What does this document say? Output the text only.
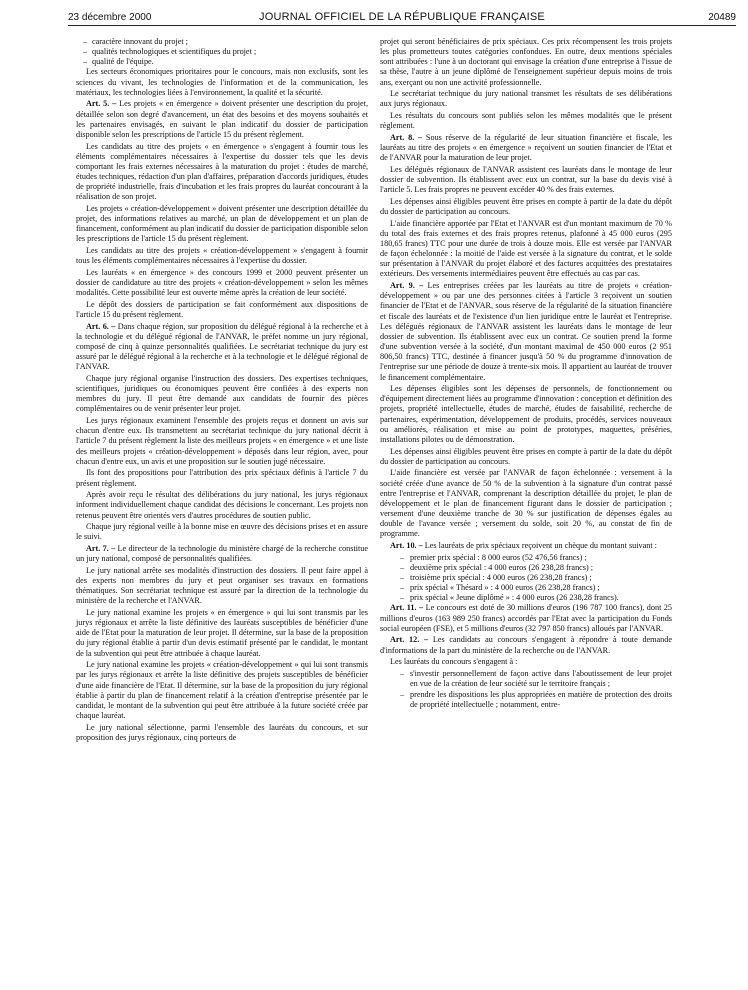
23 décembre 2000	JOURNAL OFFICIEL DE LA RÉPUBLIQUE FRANÇAISE	20489

– caractère innovant du projet ;

– qualités technologiques et scientifiques du projet ;

– qualité de l'équipe.

Les secteurs économiques prioritaires pour le concours, mais non exclusifs, sont les sciences du vivant, les technologies de l'information et de la communication, les matériaux, les technologies liées à l'environnement, la qualité et la sécurité.

Art. 5. – Les projets « en émergence » doivent présenter une description du projet, détaillée selon son degré d'avancement, un état des besoins et des moyens souhaités et les partenaires envisagés, en suivant le plan indicatif du dossier de participation disponible selon les prescriptions de l'article 15 du présent règlement.

Les candidats au titre des projets « en émergence » s'engagent à fournir tous les éléments complémentaires nécessaires à l'expertise du dossier tels que les devis comportant les frais externes nécessaires à la maturation du projet : études de marché, études techniques, rédaction d'un plan d'affaires, préparation d'accords juridiques, études de propriété industrielle, frais d'incubation et les frais propres du lauréat concourant à la réalisation de son projet.

Les projets « création-développement » doivent présenter une description détaillée du projet, des informations relatives au marché, un plan de développement et un plan de financement, conformément au plan indicatif du dossier de participation disponible selon les prescriptions de l'article 15 du présent règlement.

Les candidats au titre des projets « création-développement » s'engagent à fournir tous les éléments complémentaires nécessaires à l'expertise du dossier.

Les lauréats « en émergence » des concours 1999 et 2000 peuvent présenter un dossier de candidature au titre des projets « création-développement » selon les mêmes modalités. Cette possibilité leur est ouverte même après la création de leur société.

Le dépôt des dossiers de participation se fait conformément aux dispositions de l'article 15 du présent règlement.

Art. 6. – Dans chaque région, sur proposition du délégué régional à la recherche et à la technologie et du délégué régional de l'ANVAR, le préfet nomme un jury régional, composé de cinq à quinze personnalités qualifiées. Le secrétariat technique du jury est assuré par le délégué régional à la recherche et à la technologie et le délégué régional de l'ANVAR.

Chaque jury régional organise l'instruction des dossiers. Des expertises techniques, scientifiques, juridiques ou économiques peuvent être confiées à des experts non membres du jury. Il peut être demandé aux candidats de fournir des pièces complémentaires ou de venir présenter leur projet.

Les jurys régionaux examinent l'ensemble des projets reçus et donnent un avis sur chacun d'entre eux. Ils transmettent au secrétariat technique du jury national décrit à l'article 7 du présent règlement la liste des meilleurs projets « en émergence » et une liste des meilleurs projets « création-développement » déposés dans leur région, avec, pour chacun d'entre eux, un avis et une proposition sur le soutien jugé nécessaire.

Ils font des propositions pour l'attribution des prix spéciaux définis à l'article 7 du présent règlement.

Après avoir reçu le résultat des délibérations du jury national, les jurys régionaux informent individuellement chaque candidat des décisions le concernant. Les projets non retenus peuvent être orientés vers d'autres procédures de soutien public.

Chaque jury régional veille à la bonne mise en œuvre des décisions prises et en assure le suivi.

Art. 7. – Le directeur de la technologie du ministère chargé de la recherche constitue un jury national, composé de personnalités qualifiées.

Le jury national arrête ses modalités d'instruction des dossiers. Il peut faire appel à des experts non membres du jury et peut organiser ses travaux en formations thématiques. Son secrétariat technique est assuré par la direction de la technologie du ministère de la recherche et l'ANVAR.

Le jury national examine les projets « en émergence » qui lui sont transmis par les jurys régionaux et arrête la liste définitive des lauréats susceptibles de bénéficier d'une aide de l'Etat pour la maturation de leur projet. Il détermine, sur la base de la proposition du jury régional établie à partir d'un devis estimatif présenté par le candidat, le montant de la subvention qui peut être attribuée à chaque lauréat.

Le jury national examine les projets « création-développement » qui lui sont transmis par les jurys régionaux et arrête la liste définitive des projets susceptibles de bénéficier d'une aide financière de l'Etat. Il détermine, sur la base de la proposition du jury régional établie à partir du plan de financement relatif à la création d'entreprise présentée par le candidat, le montant de la subvention qui peut être attribuée à la future société créée par chaque lauréat.

Le jury national sélectionne, parmi l'ensemble des lauréats du concours, et sur proposition des jurys régionaux, cinq porteurs de

projet qui seront bénéficiaires de prix spéciaux. Ces prix récompensent les trois projets les plus prometteurs toutes catégories confondues. En outre, deux mentions spéciales sont attribuées : l'une à un doctorant qui envisage la création d'une entreprise à l'issue de sa thèse, l'autre à un jeune diplômé de l'enseignement supérieur depuis moins de trois ans, exerçant ou non une activité professionnelle.

Le secrétariat technique du jury national transmet les résultats de ses délibérations aux jurys régionaux.

Les résultats du concours sont publiés selon les mêmes modalités que le présent règlement.

Art. 8. – Sous réserve de la régularité de leur situation financière et fiscale, les lauréats au titre des projets « en émergence » reçoivent un soutien financier de l'Etat et de l'ANVAR pour la maturation de leur projet.

Les délégués régionaux de l'ANVAR assistent ces lauréats dans le montage de leur dossier de subvention. Ils établissent avec eux un contrat, sur la base du devis visé à l'article 5. Les frais propres ne peuvent excéder 40 % des frais externes.

Les dépenses ainsi éligibles peuvent être prises en compte à partir de la date du dépôt du dossier de participation au concours.

L'aide financière apportée par l'Etat et l'ANVAR est d'un montant maximum de 70 % du total des frais externes et des frais propres retenus, plafonné à 45 000 euros (295 180,65 francs) TTC pour une durée de trois à douze mois. Elle est versée par l'ANVAR de façon échelonnée : la moitié de l'aide est versée à la signature du contrat, et le solde sur présentation à l'ANVAR du projet élaboré et des factures acquittées des prestataires extérieurs. Des versements intermédiaires peuvent être effectués au cas par cas.

Art. 9. – Les entreprises créées par les lauréats au titre de projets « création-développement » ou par une des personnes citées à l'article 3 reçoivent un soutien financier de l'Etat et de l'ANVAR, sous réserve de la régularité de la situation financière et fiscale des lauréats et de l'existence d'un lien juridique entre le lauréat et l'entreprise. Les délégués régionaux de l'ANVAR assistent les lauréats dans le montage de leur dossier de subvention. Ils établissent avec eux un contrat. Ce soutien prend la forme d'une subvention versée à la société, d'un montant maximal de 450 000 euros (2 951 806,50 francs) TTC, destinée à financer jusqu'à 50 % du programme d'innovation de l'entreprise sur une période de douze à trente-six mois. Il appartient au lauréat de trouver le financement complémentaire.

Les dépenses éligibles sont les dépenses de personnels, de fonctionnement ou d'équipement directement liées au programme d'innovation : conception et définition des projets, propriété intellectuelle, études de marché, études de faisabilité, recherche de partenaires, expérimentation, développement de produits, procédés, services nouveaux ou améliorés, réalisation et mise au point de prototypes, maquettes, préséries, installations pilotes ou de démonstration.

Les dépenses ainsi éligibles peuvent être prises en compte à partir de la date du dépôt du dossier de participation au concours.

L'aide financière est versée par l'ANVAR de façon échelonnée : versement à la société créée d'une avance de 50 % de la subvention à la signature d'un contrat passé entre l'entreprise et l'ANVAR, comprenant la description détaillée du projet, le plan de développement et le plan de financement figurant dans le dossier de participation ; versement d'une deuxième tranche de 30 % sur justification de dépenses égales au double de l'avance versée ; versement du solde, soit 20 %, au constat de fin de programme.

Art. 10. – Les lauréats de prix spéciaux reçoivent un chèque du montant suivant :

– premier prix spécial : 8 000 euros (52 476,56 francs) ;

– deuxième prix spécial : 4 000 euros (26 238,28 francs) ;

– troisième prix spécial : 4 000 euros (26 238,28 francs) ;

– prix spécial « Thésard » : 4 000 euros (26 238,28 francs) ;

– prix spécial « Jeune diplômé » : 4 000 euros (26 238,28 francs).

Art. 11. – Le concours est doté de 30 millions d'euros (196 787 100 francs), dont 25 millions d'euros (163 989 250 francs) accordés par l'Etat avec la participation du Fonds social européen (FSE), et 5 millions d'euros (32 797 850 francs) alloués par l'ANVAR.

Art. 12. – Les candidats au concours s'engagent à répondre à toute demande d'informations de la part du ministère de la recherche ou de l'ANVAR.

Les lauréats du concours s'engagent à :

– s'investir personnellement de façon active dans l'aboutissement de leur projet en vue de la création de leur société sur le territoire français ;

– prendre les dispositions les plus appropriées en matière de protection des droits de propriété intellectuelle ; notamment, entre-
